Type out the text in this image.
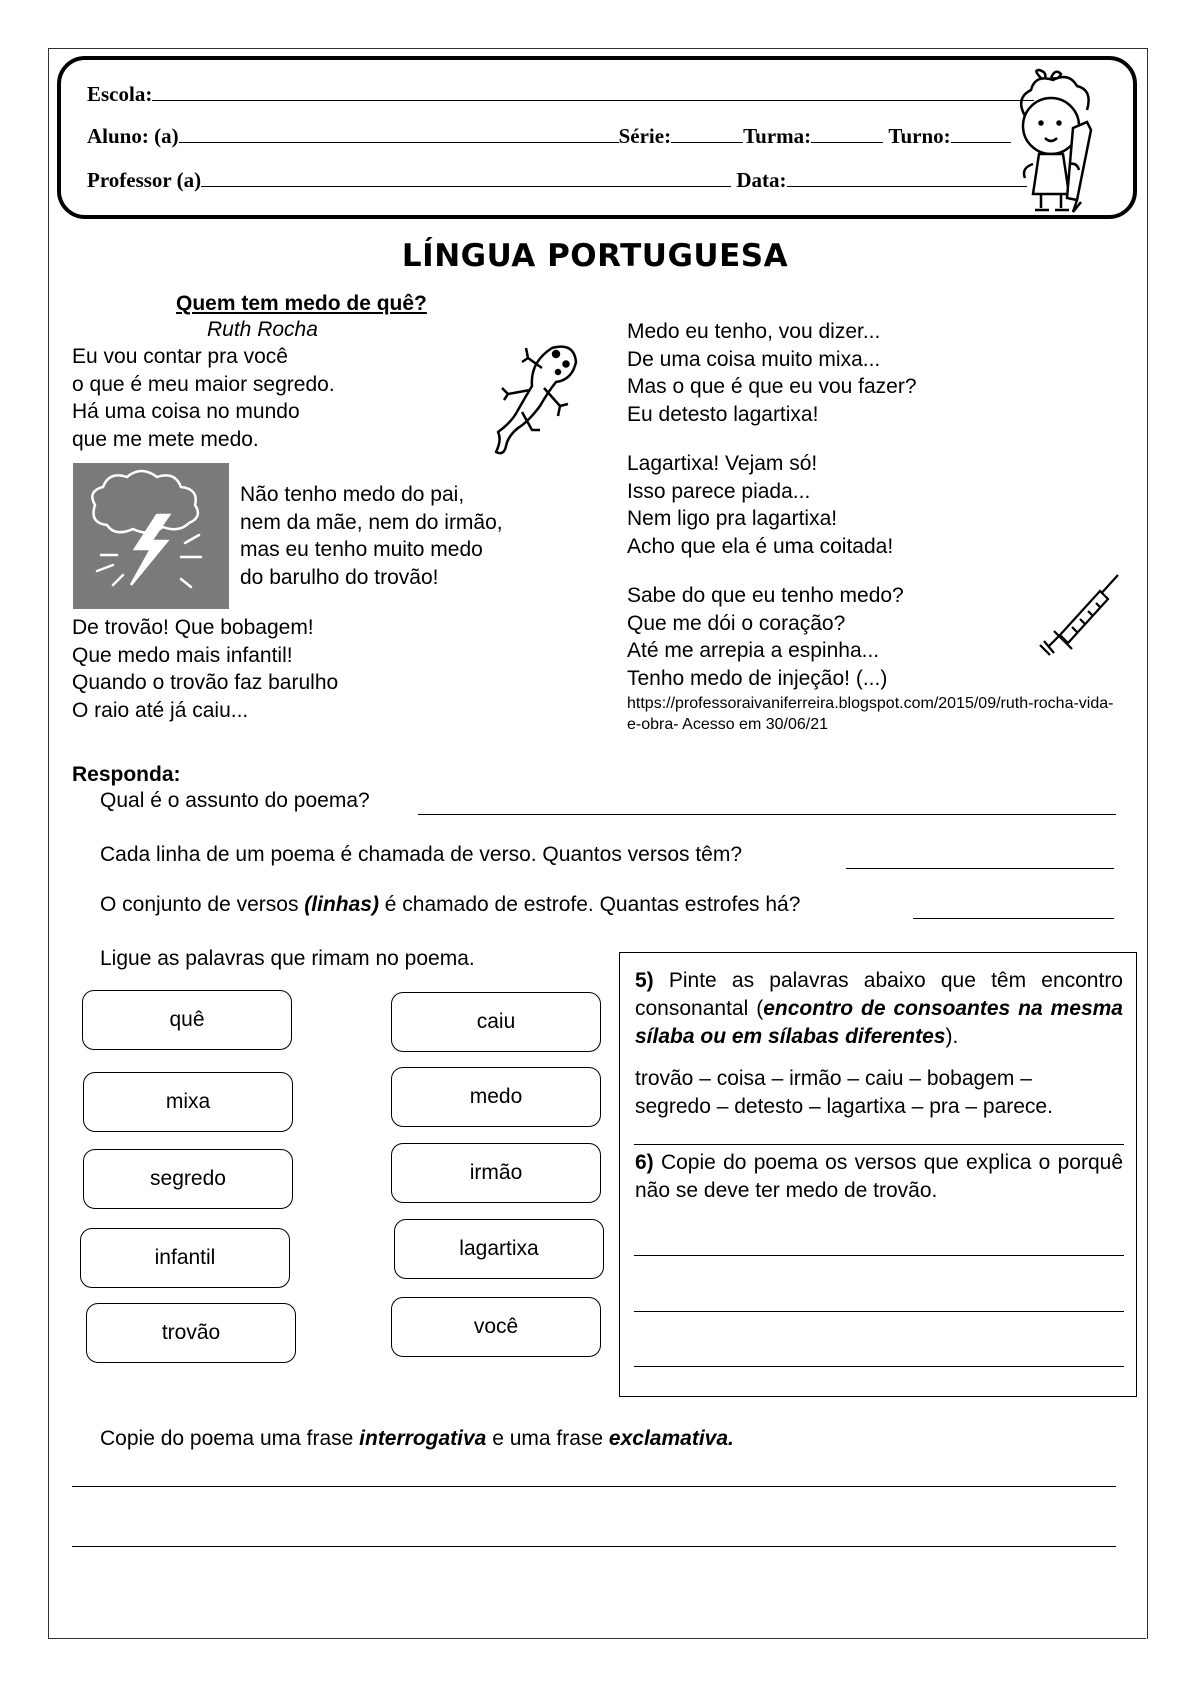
Escola:
Aluno: (a)	Série:	Turma:	Turno:
Professor (a)	Data:
LÍNGUA PORTUGUESA
Quem tem medo de quê?
Ruth Rocha
Eu vou contar pra você
o que é meu maior segredo.
Há uma coisa no mundo
que me mete medo.
Não tenho medo do pai,
nem da mãe, nem do irmão,
mas eu tenho muito medo
do barulho do trovão!
De trovão! Que bobagem!
Que medo mais infantil!
Quando o trovão faz barulho
O raio até já caiu...
Medo eu tenho, vou dizer...
De uma coisa muito mixa...
Mas o que é que eu vou fazer?
Eu detesto lagartixa!
Lagartixa! Vejam só!
Isso parece piada...
Nem ligo pra lagartixa!
Acho que ela é uma coitada!
Sabe do que eu tenho medo?
Que me dói o coração?
Até me arrepia a espinha...
Tenho medo de injeção! (...)
https://professoraivaniferreira.blogspot.com/2015/09/ruth-rocha-vida-e-obra- Acesso em 30/06/21
Responda:
Qual é o assunto do poema?
Cada linha de um poema é chamada de verso. Quantos versos têm?
O conjunto de versos (linhas) é chamado de estrofe. Quantas estrofes há?
Ligue as palavras que rimam no poema.
quê
mixa
segredo
infantil
trovão
caiu
medo
irmão
lagartixa
você
5) Pinte as palavras abaixo que têm encontro consonantal (encontro de consoantes na mesma sílaba ou em sílabas diferentes).
trovão – coisa – irmão – caiu – bobagem –
segredo – detesto – lagartixa – pra – parece.
6) Copie do poema os versos que explica o porquê não se deve ter medo de trovão.
Copie do poema uma frase interrogativa e uma frase exclamativa.
